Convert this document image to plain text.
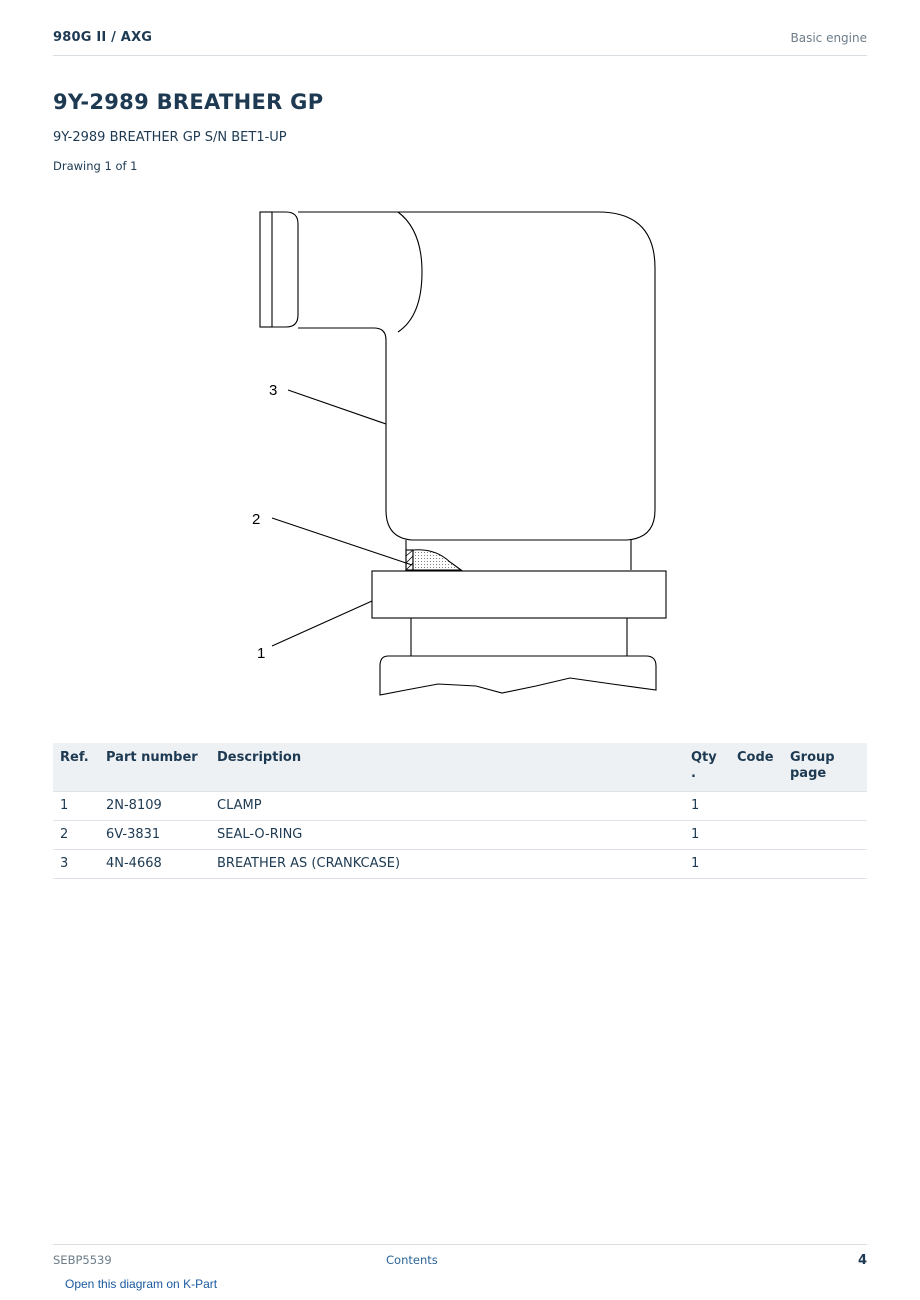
980G II / AXG	Basic engine
9Y-2989 BREATHER GP
9Y-2989 BREATHER GP S/N BET1-UP
Drawing 1 of 1
3
2
1
Ref.	Part number	Description	Qty .	Code	Group page
1	2N-8109	CLAMP	1		
2	6V-3831	SEAL-O-RING	1		
3	4N-4668	BREATHER AS (CRANKCASE)	1		
SEBP5539	Contents	4
Open this diagram on K-Part
